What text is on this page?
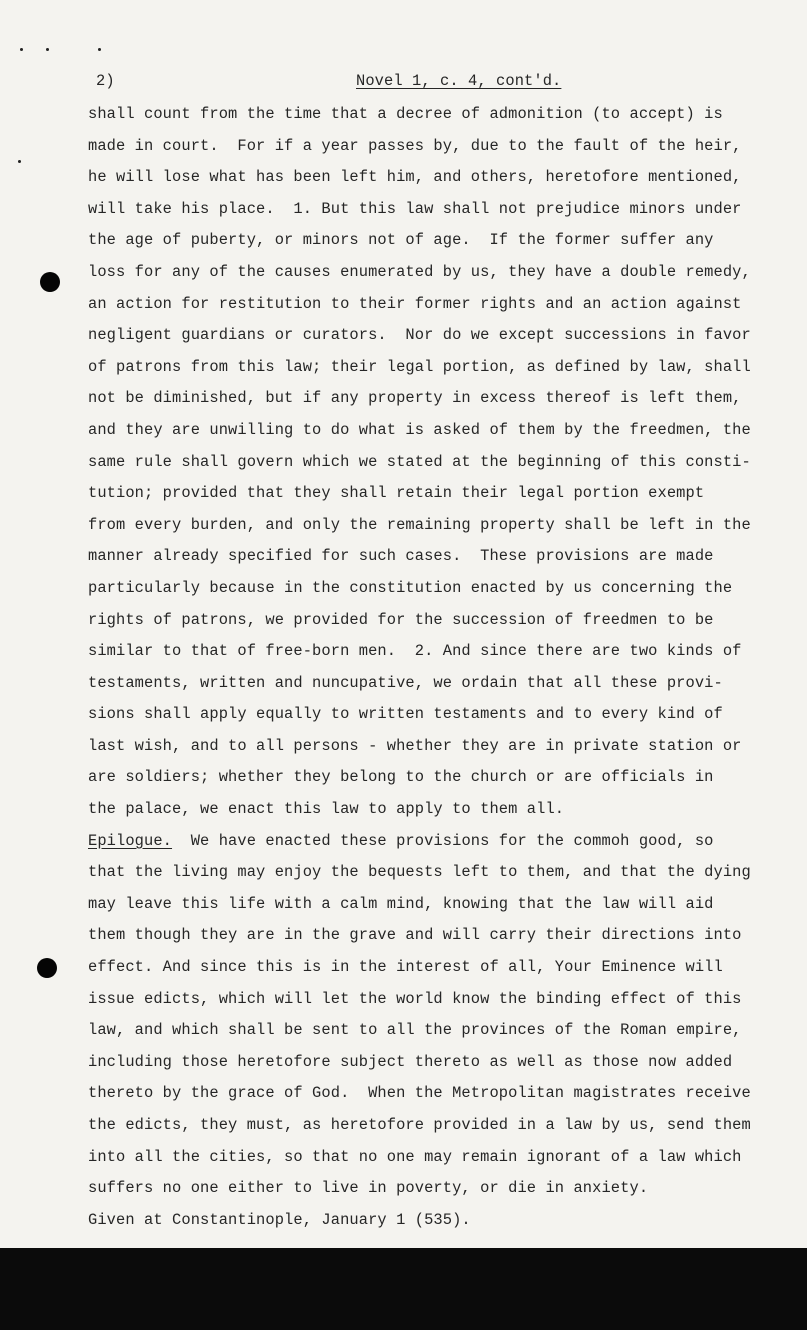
2)	Novel 1, c. 4, cont'd.
shall count from the time that a decree of admonition (to accept) is
made in court.  For if a year passes by, due to the fault of the heir,
he will lose what has been left him, and others, heretofore mentioned,
will take his place.  1. But this law shall not prejudice minors under
the age of puberty, or minors not of age.  If the former suffer any
loss for any of the causes enumerated by us, they have a double remedy,
an action for restitution to their former rights and an action against
negligent guardians or curators.  Nor do we except successions in favor
of patrons from this law; their legal portion, as defined by law, shall
not be diminished, but if any property in excess thereof is left them,
and they are unwilling to do what is asked of them by the freedmen, the
same rule shall govern which we stated at the beginning of this consti-
tution; provided that they shall retain their legal portion exempt
from every burden, and only the remaining property shall be left in the
manner already specified for such cases.  These provisions are made
particularly because in the constitution enacted by us concerning the
rights of patrons, we provided for the succession of freedmen to be
similar to that of free-born men.  2. And since there are two kinds of
testaments, written and nuncupative, we ordain that all these provi-
sions shall apply equally to written testaments and to every kind of
last wish, and to all persons - whether they are in private station or
are soldiers; whether they belong to the church or are officials in
the palace, we enact this law to apply to them all.
Epilogue.  We have enacted these provisions for the commoh good, so
that the living may enjoy the bequests left to them, and that the dying
may leave this life with a calm mind, knowing that the law will aid
them though they are in the grave and will carry their directions into
effect. And since this is in the interest of all, Your Eminence will
issue edicts, which will let the world know the binding effect of this
law, and which shall be sent to all the provinces of the Roman empire,
including those heretofore subject thereto as well as those now added
thereto by the grace of God.  When the Metropolitan magistrates receive
the edicts, they must, as heretofore provided in a law by us, send them
into all the cities, so that no one may remain ignorant of a law which
suffers no one either to live in poverty, or die in anxiety.
Given at Constantinople, January 1 (535).
